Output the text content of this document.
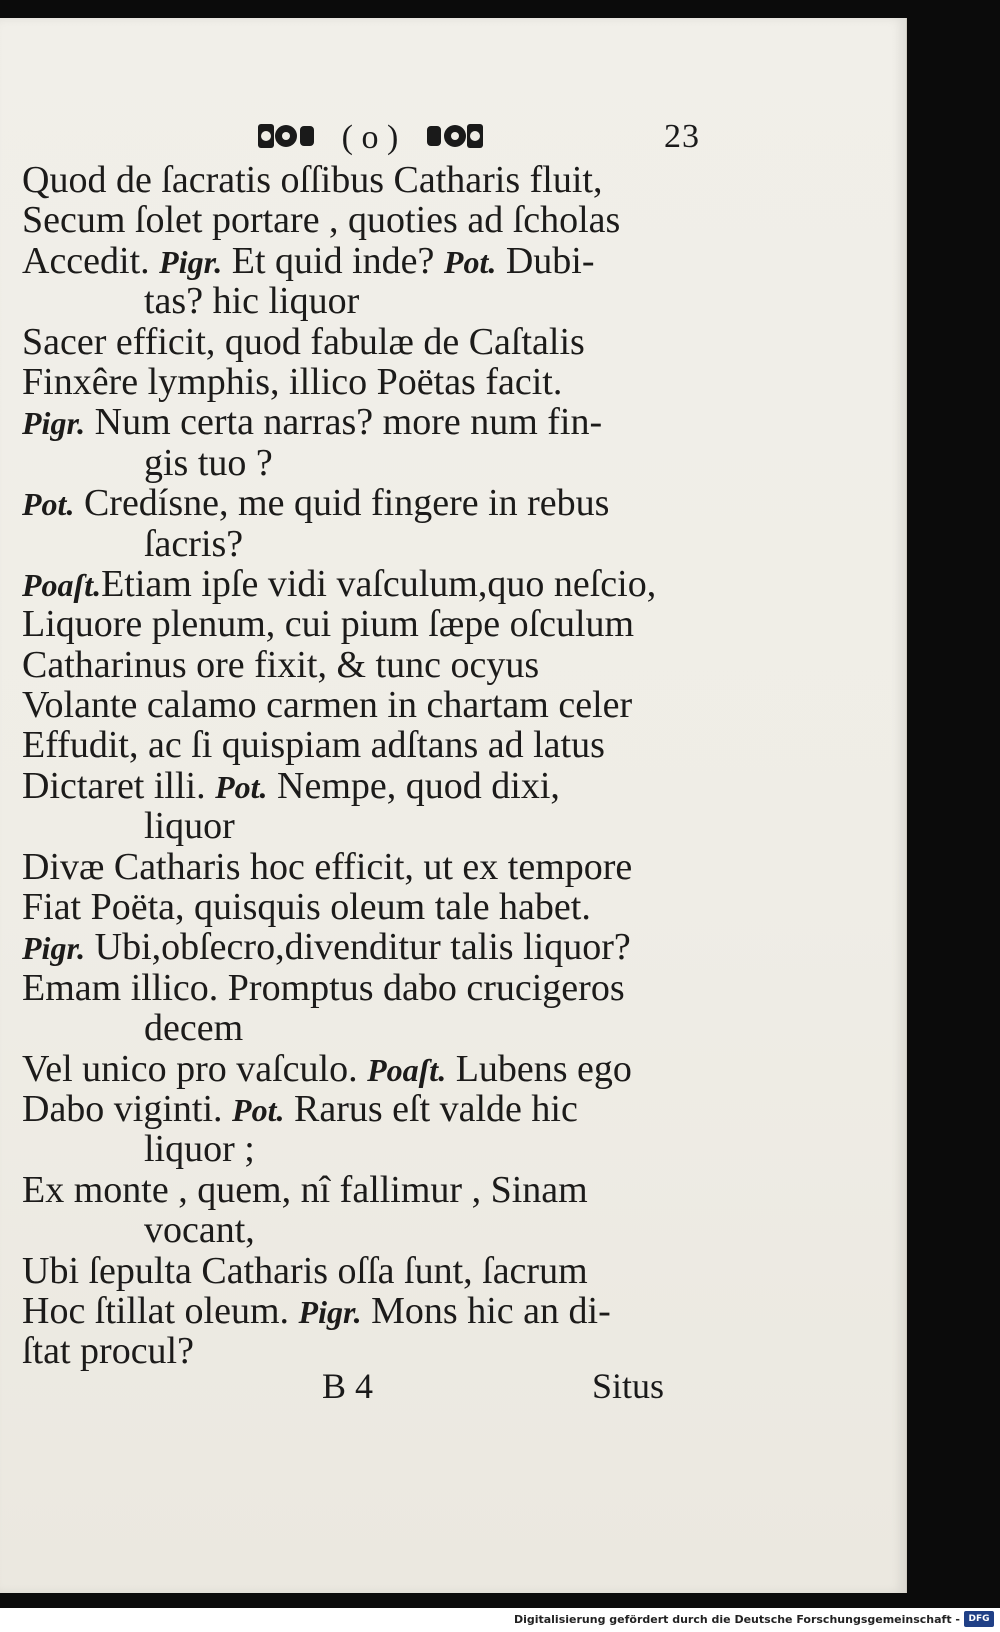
( o )	23
Quod de ſacratis oſſibus Catharis fluit,
Secum ſolet portare , quoties ad ſcholas
Accedit. Pigr. Et quid inde? Pot. Dubi-
tas? hic liquor
Sacer efficit, quod fabulæ de Caſtalis
Finxêre lymphis, illico Poëtas facit.
Pigr. Num certa narras? more num fin-
gis tuo ?
Pot. Credísne, me quid fingere in rebus
ſacris?
Poaſt.Etiam ipſe vidi vaſculum,quo neſcio,
Liquore plenum, cui pium ſæpe oſculum
Catharinus ore fixit, & tunc ocyus
Volante calamo carmen in chartam celer
Effudit, ac ſi quispiam adſtans ad latus
Dictaret illi. Pot. Nempe, quod dixi,
liquor
Divæ Catharis hoc efficit, ut ex tempore
Fiat Poëta, quisquis oleum tale habet.
Pigr. Ubi,obſecro,divenditur talis liquor?
Emam illico. Promptus dabo crucigeros
decem
Vel unico pro vaſculo. Poaſt. Lubens ego
Dabo viginti. Pot. Rarus eſt valde hic
liquor ;
Ex monte , quem, nî fallimur , Sinam
vocant,
Ubi ſepulta Catharis oſſa ſunt, ſacrum
Hoc ſtillat oleum. Pigr. Mons hic an di-
ſtat procul?
B 4	Situs
Digitalisierung gefördert durch die Deutsche Forschungsgemeinschaft - DFG
